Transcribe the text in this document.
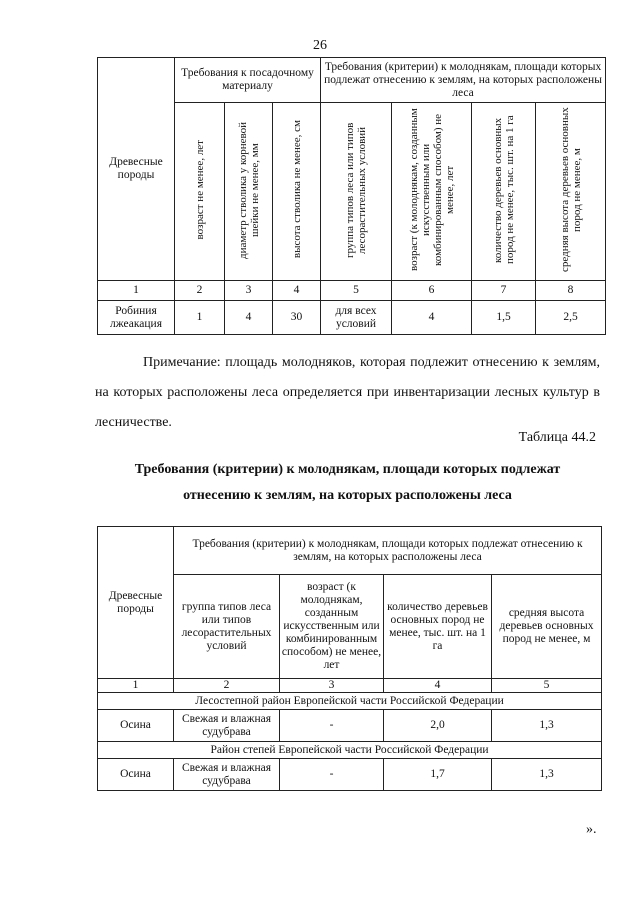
26
Древесные породы	Требования к посадочному материалу			Требования (критерии) к молоднякам, площади которых подлежат отнесению к землям, на которых расположены леса			
	возраст не менее, лет	диаметр стволика у корневой шейки не менее, мм	высота стволика не менее, см	группа типов леса или типов лесорастительных условий	возраст (к молоднякам, созданным искусственным или комбинированным способом) не менее, лет	количество деревьев основных пород не менее, тыс. шт. на 1 га	средняя высота деревьев основных пород не менее, м
1	2	3	4	5	6	7	8
Робиния лжеакация	1	4	30	для всех условий	4	1,5	2,5
Примечание: площадь молодняков, которая подлежит отнесению к землям, на которых расположены леса определяется при инвентаризации лесных культур в лесничестве.
Таблица 44.2
Требования (критерии) к молоднякам, площади которых подлежат
отнесению к землям, на которых расположены леса
Древесные породы	Требования (критерии) к молоднякам, площади которых подлежат отнесению к землям, на которых расположены леса			
	группа типов леса или типов лесорастительных условий	возраст (к молоднякам, созданным искусственным или комбинированным способом) не менее, лет	количество деревьев основных пород не менее, тыс. шт. на 1 га	средняя высота деревьев основных пород не менее, м
1	2	3	4	5
Лесостепной район Европейской части Российской Федерации				
Осина	Свежая и влажная судубрава	-	2,0	1,3
Район степей Европейской части Российской Федерации				
Осина	Свежая и влажная судубрава	-	1,7	1,3
».
